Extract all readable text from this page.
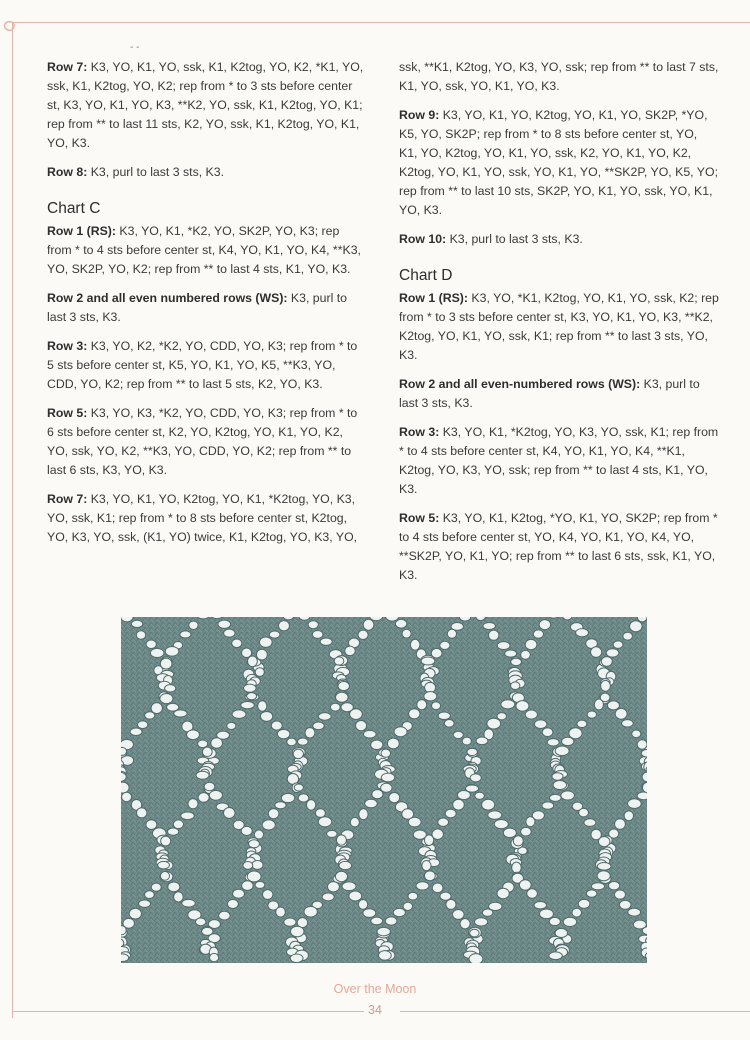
- -

Row 7: K3, YO, K1, YO, ssk, K1, K2tog, YO, K2, *K1, YO, ssk, K1, K2tog, YO, K2; rep from * to 3 sts before center st, K3, YO, K1, YO, K3, **K2, YO, ssk, K1, K2tog, YO, K1; rep from ** to last 11 sts, K2, YO, ssk, K1, K2tog, YO, K1, YO, K3.

Row 8: K3, purl to last 3 sts, K3.

Chart C

Row 1 (RS): K3, YO, K1, *K2, YO, SK2P, YO, K3; rep from * to 4 sts before center st, K4, YO, K1, YO, K4, **K3, YO, SK2P, YO, K2; rep from ** to last 4 sts, K1, YO, K3.

Row 2 and all even numbered rows (WS): K3, purl to last 3 sts, K3.

Row 3: K3, YO, K2, *K2, YO, CDD, YO, K3; rep from * to 5 sts before center st, K5, YO, K1, YO, K5, **K3, YO, CDD, YO, K2; rep from ** to last 5 sts, K2, YO, K3.

Row 5: K3, YO, K3, *K2, YO, CDD, YO, K3; rep from * to 6 sts before center st, K2, YO, K2tog, YO, K1, YO, K2, YO, ssk, YO, K2, **K3, YO, CDD, YO, K2; rep from ** to last 6 sts, K3, YO, K3.

Row 7: K3, YO, K1, YO, K2tog, YO, K1, *K2tog, YO, K3, YO, ssk, K1; rep from * to 8 sts before center st, K2tog, YO, K3, YO, ssk, (K1, YO) twice, K1, K2tog, YO, K3, YO,

ssk, **K1, K2tog, YO, K3, YO, ssk; rep from ** to last 7 sts, K1, YO, ssk, YO, K1, YO, K3.

Row 9: K3, YO, K1, YO, K2tog, YO, K1, YO, SK2P, *YO, K5, YO, SK2P; rep from * to 8 sts before center st, YO, K1, YO, K2tog, YO, K1, YO, ssk, K2, YO, K1, YO, K2, K2tog, YO, K1, YO, ssk, YO, K1, YO, **SK2P, YO, K5, YO; rep from ** to last 10 sts, SK2P, YO, K1, YO, ssk, YO, K1, YO, K3.

Row 10: K3, purl to last 3 sts, K3.

Chart D

Row 1 (RS): K3, YO, *K1, K2tog, YO, K1, YO, ssk, K2; rep from * to 3 sts before center st, K3, YO, K1, YO, K3, **K2, K2tog, YO, K1, YO, ssk, K1; rep from ** to last 3 sts, YO, K3.

Row 2 and all even-numbered rows (WS): K3, purl to last 3 sts, K3.

Row 3: K3, YO, K1, *K2tog, YO, K3, YO, ssk, K1; rep from * to 4 sts before center st, K4, YO, K1, YO, K4, **K1, K2tog, YO, K3, YO, ssk; rep from ** to last 4 sts, K1, YO, K3.

Row 5: K3, YO, K1, K2tog, *YO, K1, YO, SK2P; rep from * to 4 sts before center st, YO, K4, YO, K1, YO, K4, YO, **SK2P, YO, K1, YO; rep from ** to last 6 sts, ssk, K1, YO, K3.

Over the Moon
34
